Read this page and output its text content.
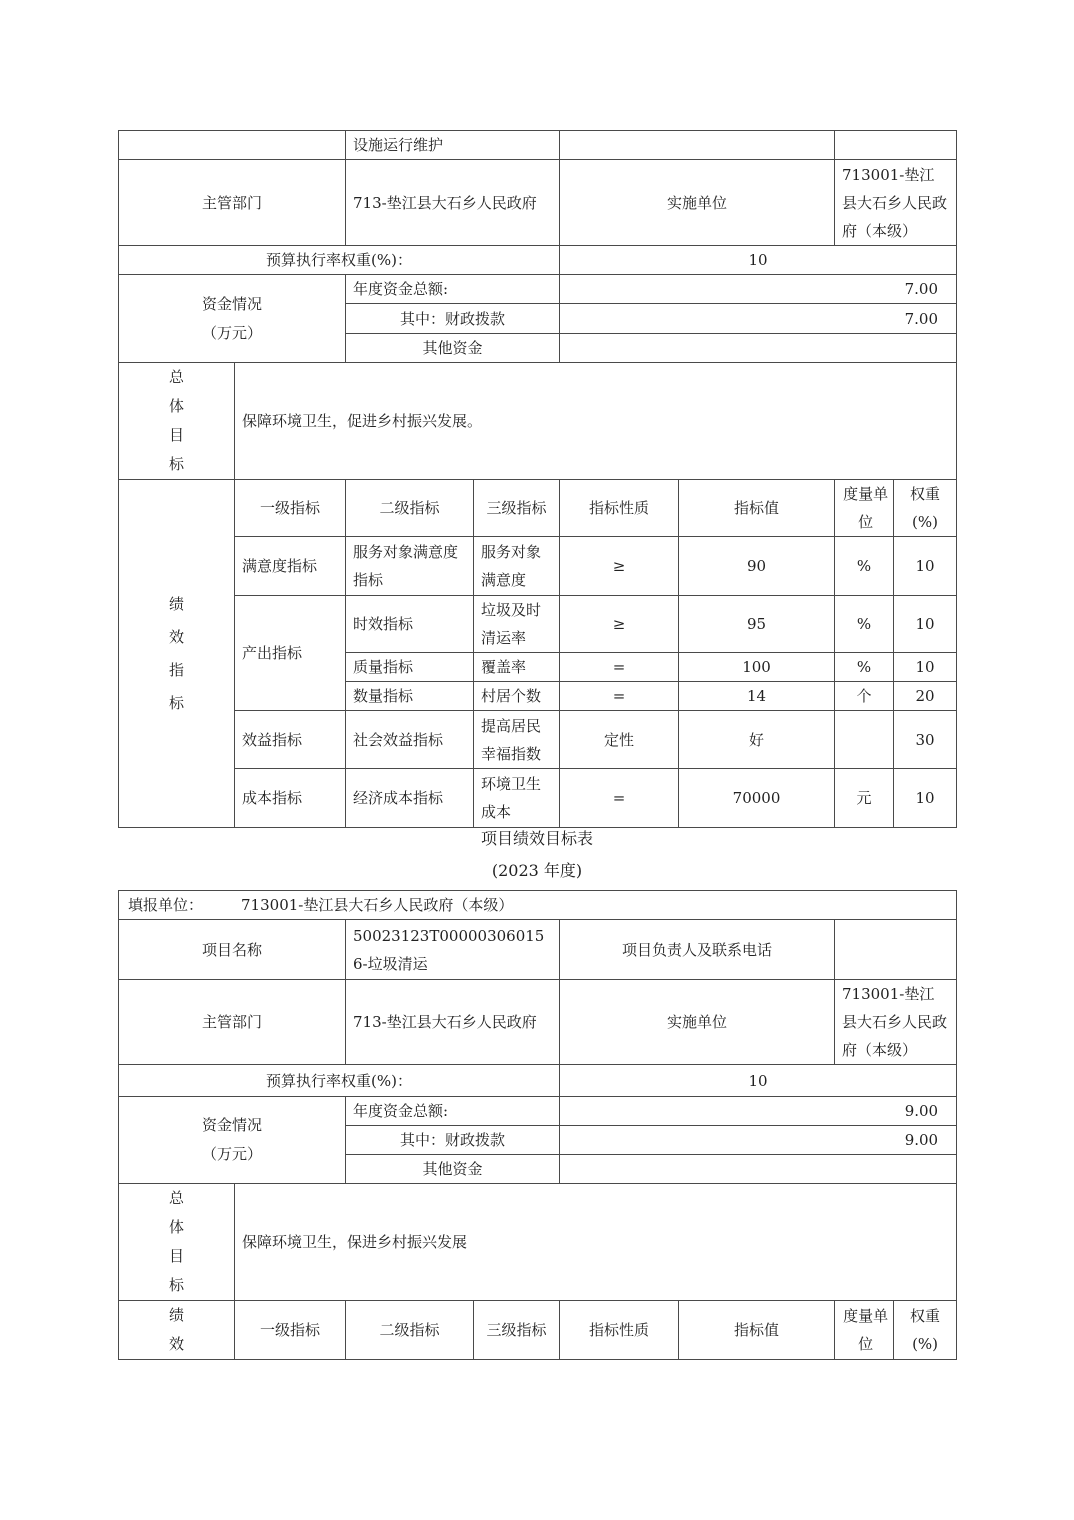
		设施运行维护					
主管部门		713-垫江县大石乡人民政府		实施单位		713001-垫江县大石乡人民政府（本级）	
预算执行率权重(%)：				10			

资金情况
（万元）		年度资金总额:		7.00			
		其中：财政拨款		7.00			
		其他资金					

总体目标	保障环境卫生，促进乡村振兴发展。						

绩效指标	一级指标	二级指标	三级指标	指标性质	指标值	度量单位	权重(%)

	满意度指标	服务对象满意度指标	服务对象满意度	≥	90	%	10
	产出指标	时效指标	垃圾及时清运率	≥	95	%	10
		质量指标	覆盖率	=	100	%	10
		数量指标	村居个数	=	14	个	20
	效益指标	社会效益指标	提高居民幸福指数	定性	好		30
	成本指标	经济成本指标	环境卫生成本	=	70000	元	10
项目绩效目标表
(2023 年度)
填报单位： 713001-垫江县大石乡人民政府（本级）							
项目名称		50023123T000003060156-垃圾清运		项目负责人及联系电话			
主管部门		713-垫江县大石乡人民政府		实施单位		713001-垫江县大石乡人民政府（本级）	
预算执行率权重(%)：				10			

资金情况
（万元）		年度资金总额:		9.00			
		其中：财政拨款		9.00			
		其他资金					

总体目标	保障环境卫生，保进乡村振兴发展						

绩效	一级指标	二级指标	三级指标	指标性质	指标值	度量单位	权重(%)
